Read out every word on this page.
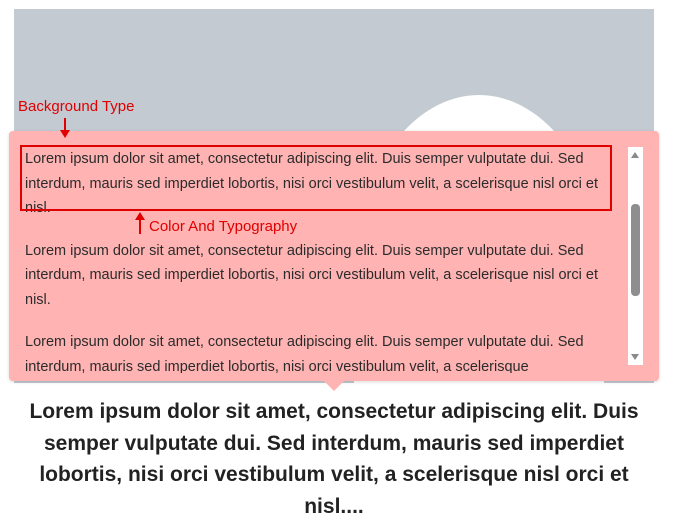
Lorem ipsum dolor sit amet, consectetur adipiscing elit. Duis semper vulputate dui. Sed interdum, mauris sed imperdiet lobortis, nisi orci vestibulum velit, a scelerisque nisl orci et nisl.

Lorem ipsum dolor sit amet, consectetur adipiscing elit. Duis semper vulputate dui. Sed interdum, mauris sed imperdiet lobortis, nisi orci vestibulum velit, a scelerisque nisl orci et nisl.

Lorem ipsum dolor sit amet, consectetur adipiscing elit. Duis semper vulputate dui. Sed interdum, mauris sed imperdiet lobortis, nisi orci vestibulum velit, a scelerisque

Background Type
Color And Typography
Lorem ipsum dolor sit amet, consectetur adipiscing elit. Duis semper vulputate dui. Sed interdum, mauris sed imperdiet lobortis, nisi orci vestibulum velit, a scelerisque nisl orci et nisl....
